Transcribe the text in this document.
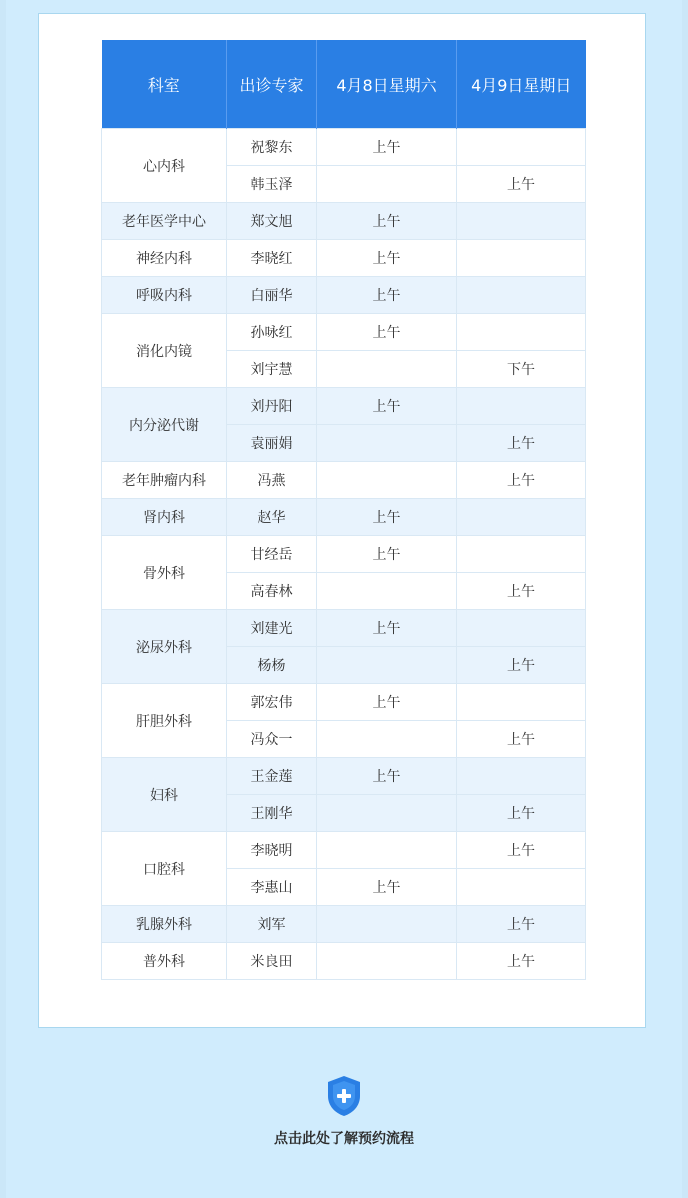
科室	出诊专家	4月8日星期六	4月9日星期日
心内科	祝黎东	上午	
	韩玉泽		上午
老年医学中心	郑文旭	上午	
神经内科	李晓红	上午	
呼吸内科	白丽华	上午	
消化内镜	孙咏红	上午	
	刘宇慧		下午
内分泌代谢	刘丹阳	上午	
	袁丽娟		上午
老年肿瘤内科	冯燕		上午
肾内科	赵华	上午	
骨外科	甘经岳	上午	
	高春林		上午
泌尿外科	刘建光	上午	
	杨杨		上午
肝胆外科	郭宏伟	上午	
	冯众一		上午
妇科	王金莲	上午	
	王刚华		上午
口腔科	李晓明		上午
	李惠山	上午	
乳腺外科	刘军		上午
普外科	米良田		上午
点击此处了解预约流程
